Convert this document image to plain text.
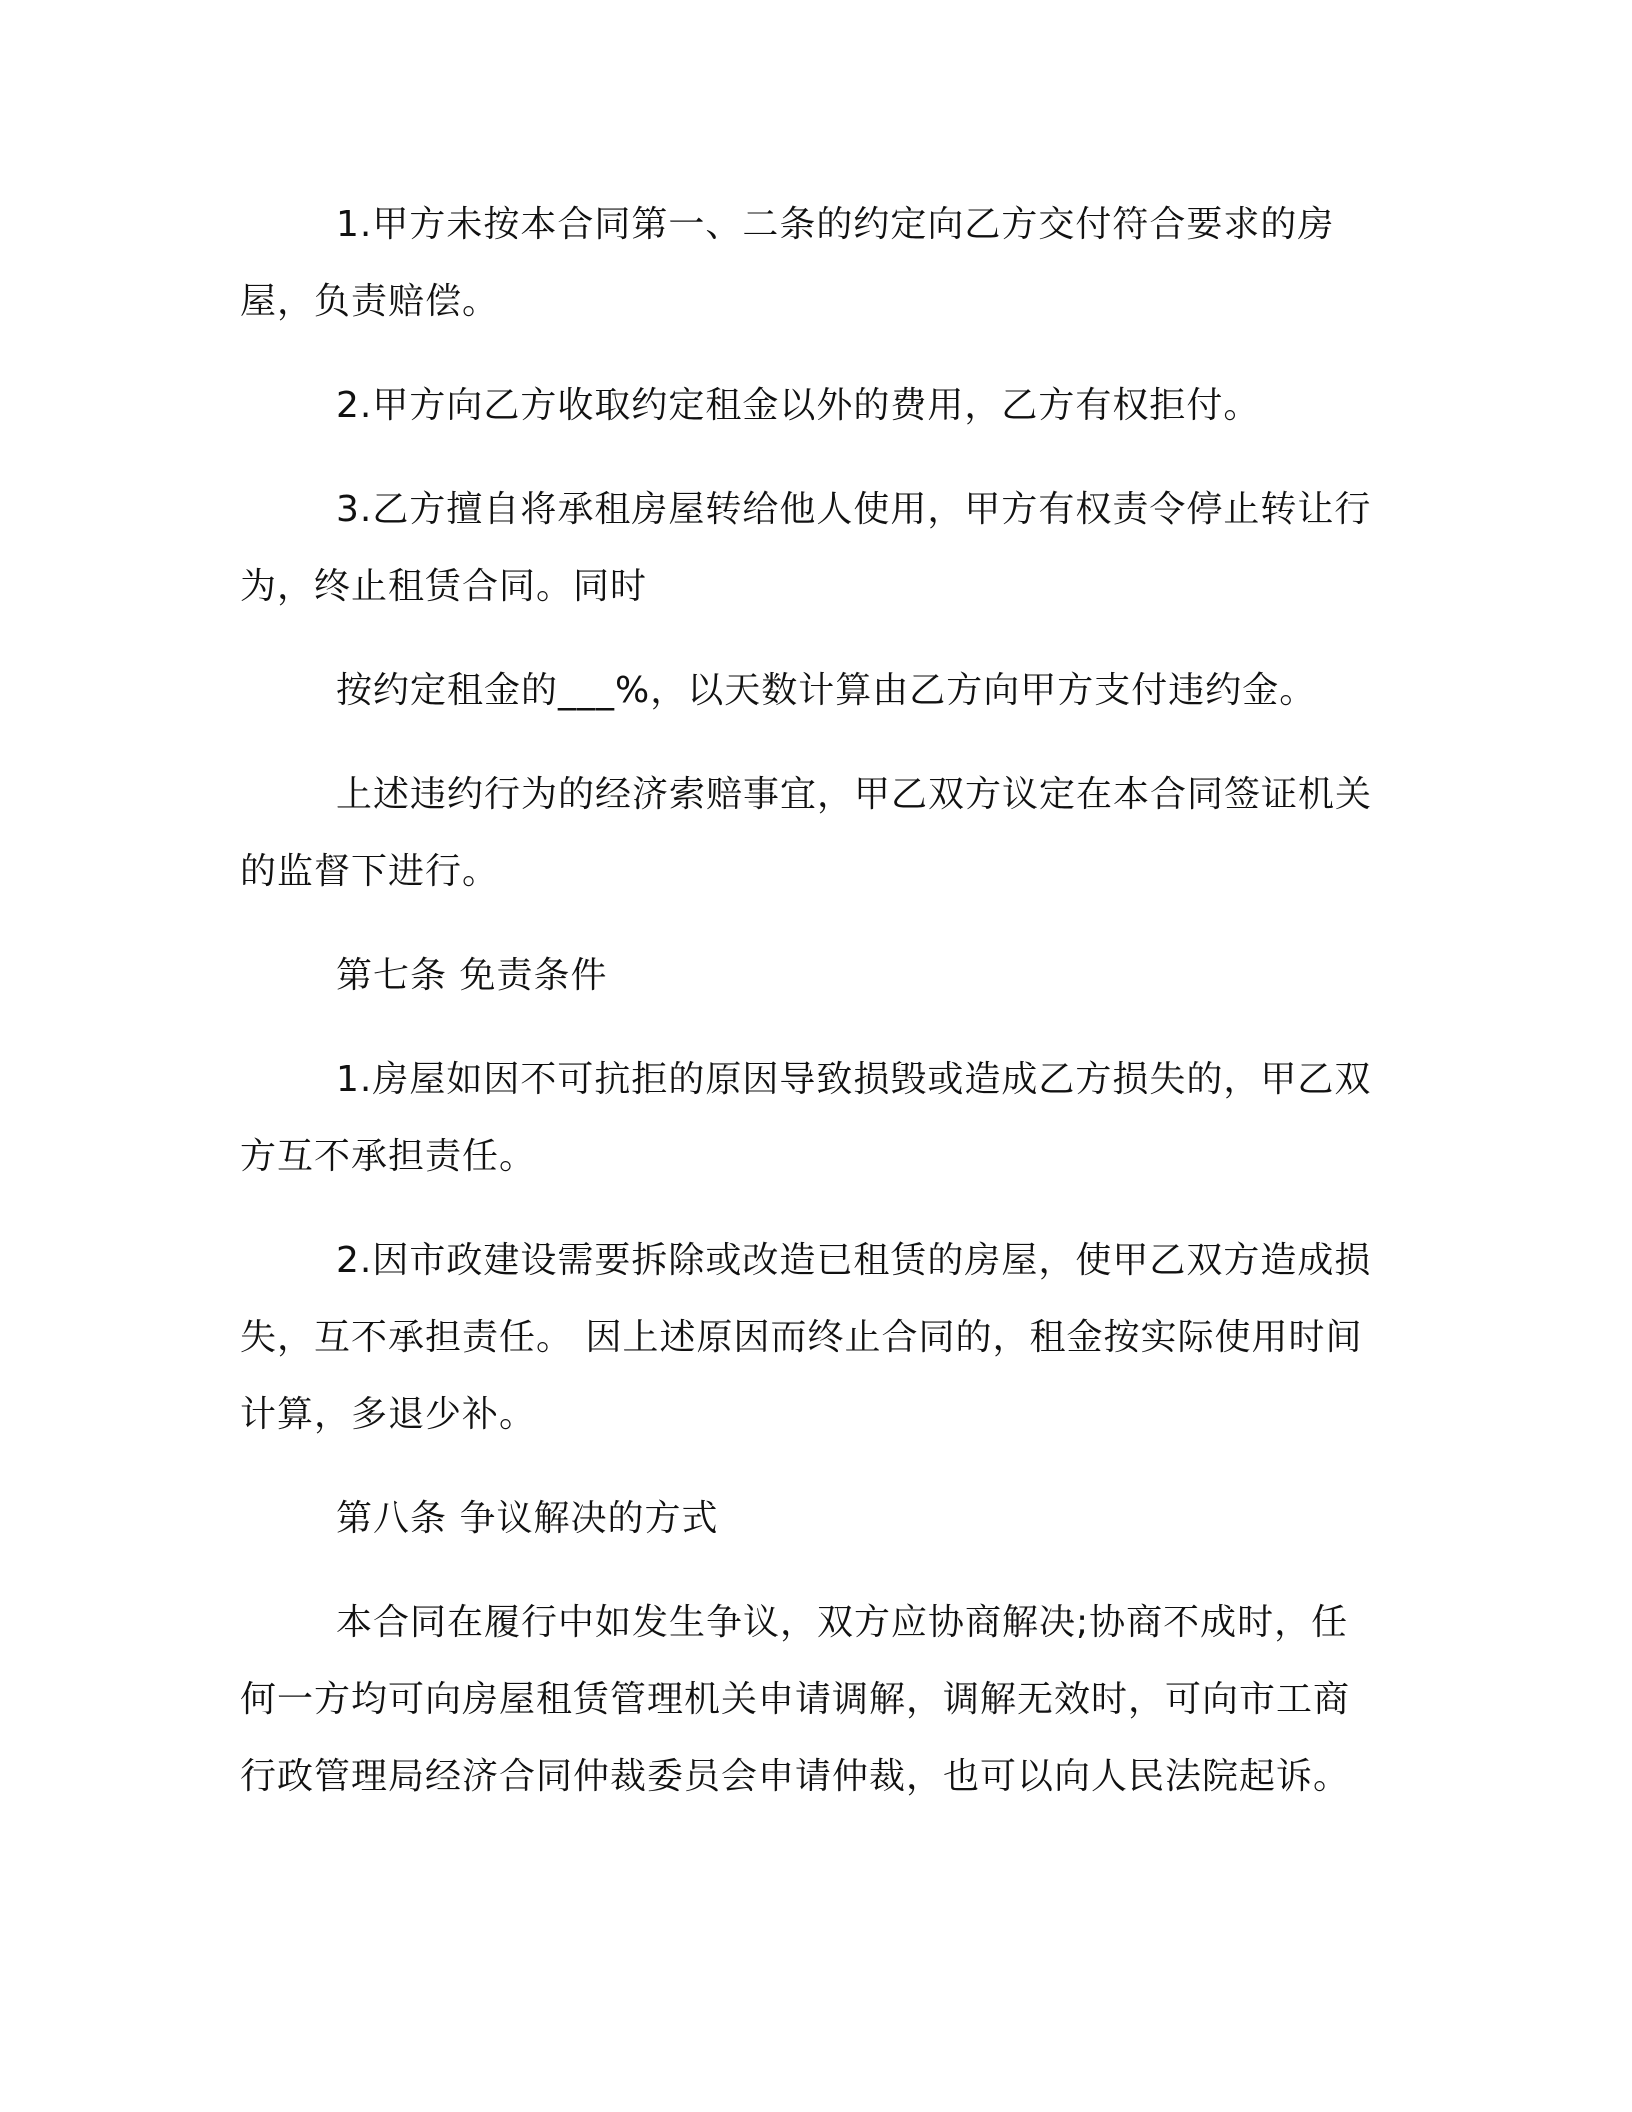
1.甲方未按本合同第一、二条的约定向乙方交付符合要求的房屋，负责赔偿。

2.甲方向乙方收取约定租金以外的费用，乙方有权拒付。

3.乙方擅自将承租房屋转给他人使用，甲方有权责令停止转让行为，终止租赁合同。同时

按约定租金的___%，以天数计算由乙方向甲方支付违约金。

上述违约行为的经济索赔事宜，甲乙双方议定在本合同签证机关的监督下进行。

第七条 免责条件

1.房屋如因不可抗拒的原因导致损毁或造成乙方损失的，甲乙双方互不承担责任。

2.因市政建设需要拆除或改造已租赁的房屋，使甲乙双方造成损失，互不承担责任。 因上述原因而终止合同的，租金按实际使用时间计算，多退少补。

第八条 争议解决的方式

本合同在履行中如发生争议，双方应协商解决;协商不成时，任何一方均可向房屋租赁管理机关申请调解，调解无效时，可向市工商行政管理局经济合同仲裁委员会申请仲裁，也可以向人民法院起诉。
